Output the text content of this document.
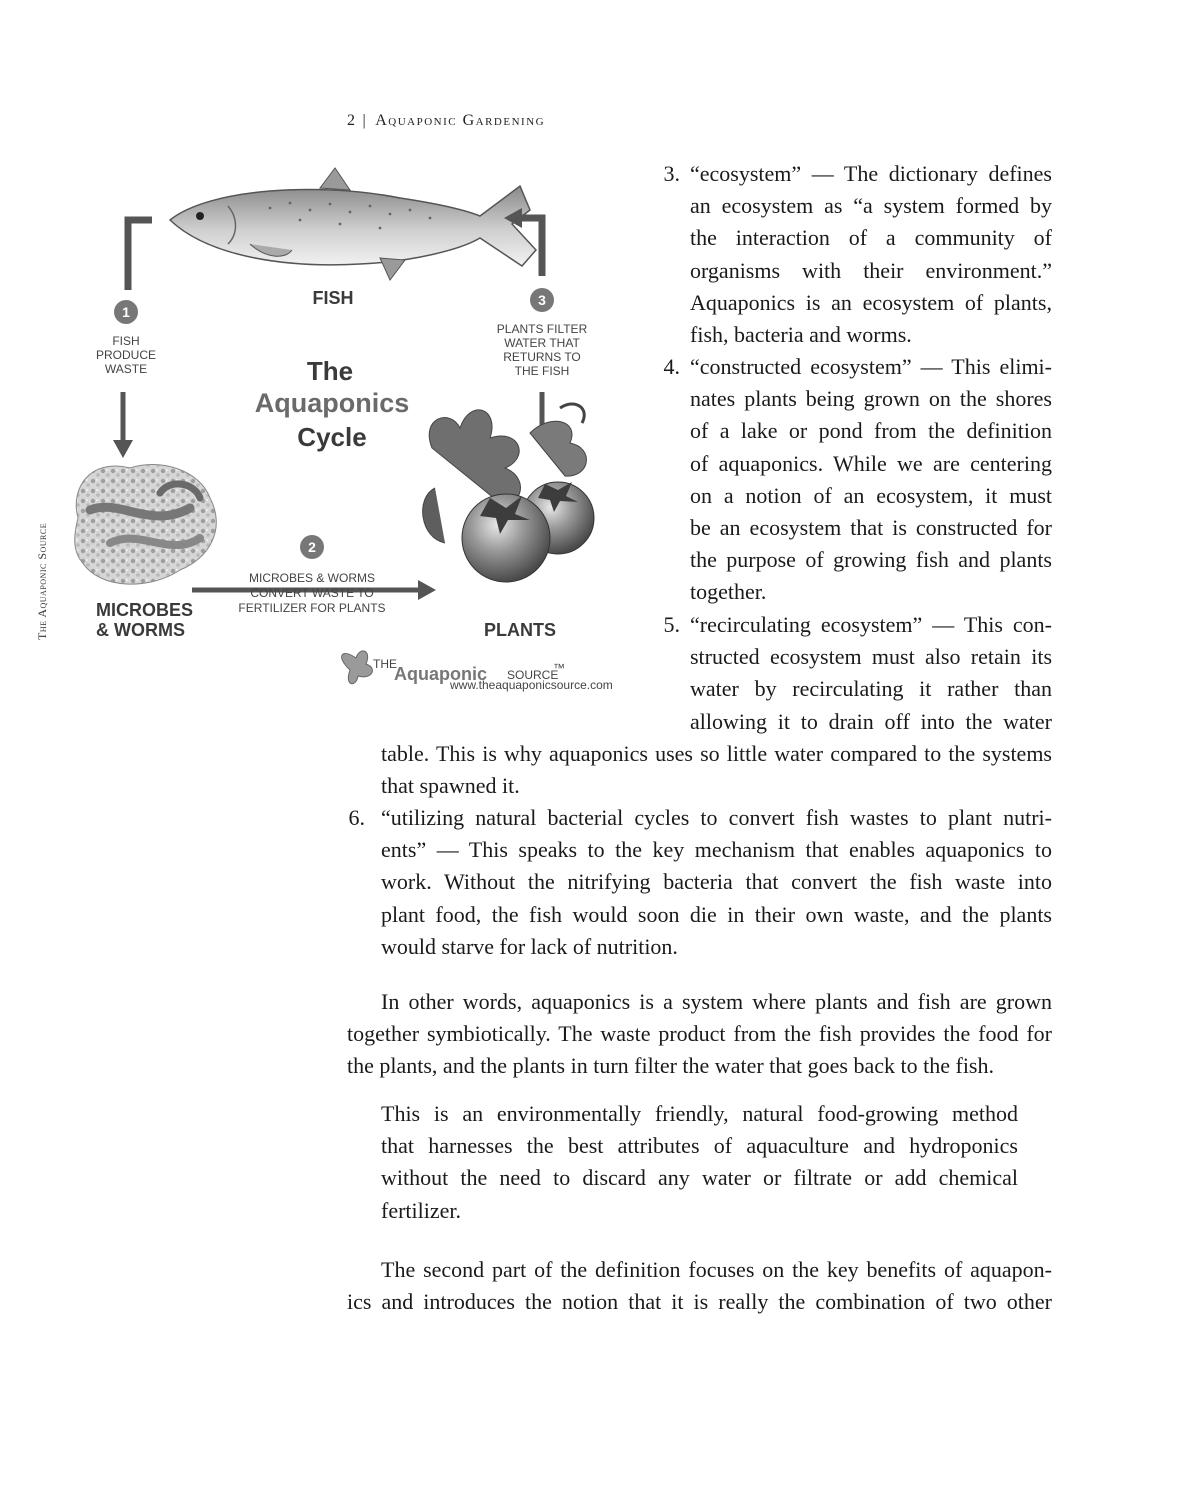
2 | Aquaponic Gardening
The Aquaponic Source
1
2
3
FISH
The
Aquaponics
Cycle
FISH
PRODUCE
WASTE
PLANTS FILTER
WATER THAT
RETURNS TO
THE FISH
MICROBES & WORMS
CONVERT WASTE TO
FERTILIZER FOR PLANTS
MICROBES
& WORMS	PLANTS
THE
Aquaponic SOURCE
™
www.theaquaponicsource.com
3. “ecosystem” — The dictionary defines
an ecosystem as “a system formed by
the interaction of a community of
organisms with their environment.”
Aquaponics is an ecosystem of plants,
fish, bacteria and worms.
4. “constructed ecosystem” — This elimi-
nates plants being grown on the shores
of a lake or pond from the definition
of aquaponics. While we are centering
on a notion of an ecosystem, it must
be an ecosystem that is constructed for
the purpose of growing fish and plants
together.
5. “recirculating ecosystem” — This con-
structed ecosystem must also retain its
water by recirculating it rather than
allowing it to drain off into the water
table. This is why aquaponics uses so little water compared to the systems
that spawned it.
6. “utilizing natural bacterial cycles to convert fish wastes to plant nutri-
ents” — This speaks to the key mechanism that enables aquaponics to
work. Without the nitrifying bacteria that convert the fish waste into
plant food, the fish would soon die in their own waste, and the plants
would starve for lack of nutrition.
In other words, aquaponics is a system where plants and fish are grown
together symbiotically. The waste product from the fish provides the food for
the plants, and the plants in turn filter the water that goes back to the fish.
This is an environmentally friendly, natural food-growing method
that harnesses the best attributes of aquaculture and hydroponics
without the need to discard any water or filtrate or add chemical
fertilizer.
The second part of the definition focuses on the key benefits of aquapon-
ics and introduces the notion that it is really the combination of two other
